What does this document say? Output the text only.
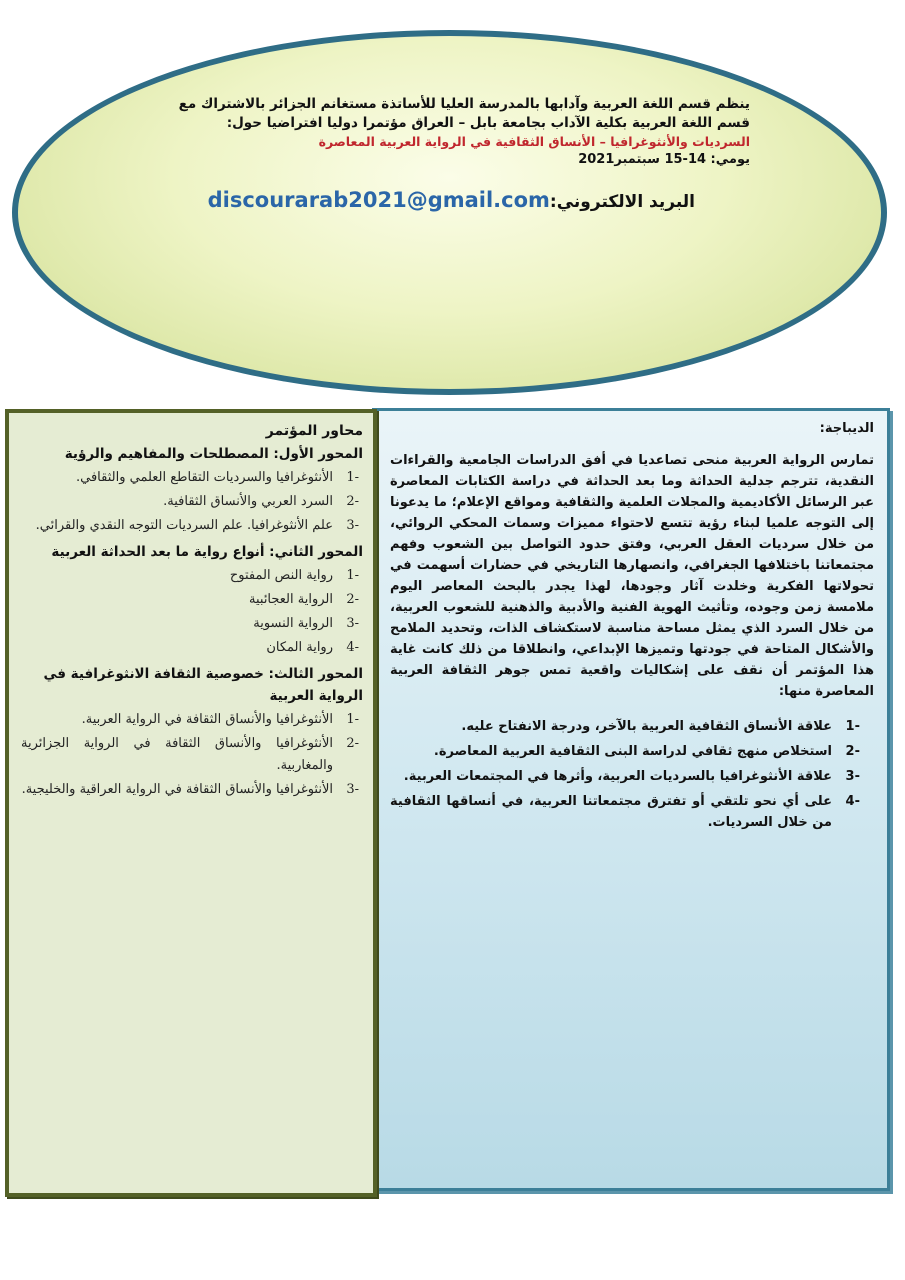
ينظم قسم اللغة العربية وآدابها بالمدرسة العليا للأساتذة مستغانم الجزائر بالاشتراك مع
قسم اللغة العربية بكلية الآداب بجامعة بابل – العراق مؤتمرا دوليا افتراضيا حول:
السرديات والأنثوغرافيا – الأنساق الثقافية في الرواية العربية المعاصرة
يومي: 14-15 سبتمبر2021
البريد الالكتروني:discourarab2021@gmail.com
الديباجة:

تمارس الرواية العربية منحى تصاعديا في أفق الدراسات الجامعية والقراءات النقدية، تترجم جدلية الحداثة وما بعد الحداثة في دراسة الكتابات المعاصرة عبر الرسائل الأكاديمية والمجلات العلمية والثقافية ومواقع الإعلام؛ ما يدعونا إلى التوجه علميا لبناء رؤية تتسع لاحتواء مميزات وسمات المحكي الروائي، من خلال سرديات العقل العربي، وفتق حدود التواصل بين الشعوب وفهم مجتمعاتنا باختلافها الجغرافي، وانصهارها التاريخي في حضارات أسهمت في تحولاتها الفكرية وخلدت آثار وجودها، لهذا يجدر بالبحث المعاصر اليوم ملامسة زمن وجوده، وتأثيث الهوية الفنية والأدبية والذهنية للشعوب العربية، من خلال السرد الذي يمثل مساحة مناسبة لاستكشاف الذات، وتحديد الملامح والأشكال المتاحة في جودتها وتميزها الإبداعي، وانطلاقا من ذلك كانت غاية هذا المؤتمر أن نقف على إشكاليات واقعية تمس جوهر الثقافة العربية المعاصرة منها:

-1
علاقة الأنساق الثقافية العربية بالآخر، ودرجة الانفتاح عليه.
-2
استخلاص منهج ثقافي لدراسة البنى الثقافية العربية المعاصرة.
-3
علاقة الأنثوغرافيا بالسرديات العربية، وأثرها في المجتمعات العربية.
-4
على أي نحو تلتقي أو تفترق مجتمعاتنا العربية، في أنساقها الثقافية من خلال السرديات.
محاور المؤتمر
المحور الأول: المصطلحات والمفاهيم والرؤية
-1
الأنثوغرافيا والسرديات التقاطع العلمي والثقافي.
-2
السرد العربي والأنساق الثقافية.
-3
علم الأنثوغرافيا. علم السرديات التوجه النقدي والقرائي.
المحور الثاني: أنواع رواية ما بعد الحداثة العربية
-1
رواية النص المفتوح
-2
الرواية العجائبية
-3
الرواية النسوية
-4
رواية المكان
المحور الثالث: خصوصية الثقافة الانثوغرافية في الرواية العربية
-1
الأنثوغرافيا والأنساق الثقافة في الرواية العربية.
-2
الأنثوغرافيا والأنساق الثقافة في الرواية الجزائرية والمغاربية.
-3
الأنثوغرافيا والأنساق الثقافة في الرواية العراقية والخليجية.
